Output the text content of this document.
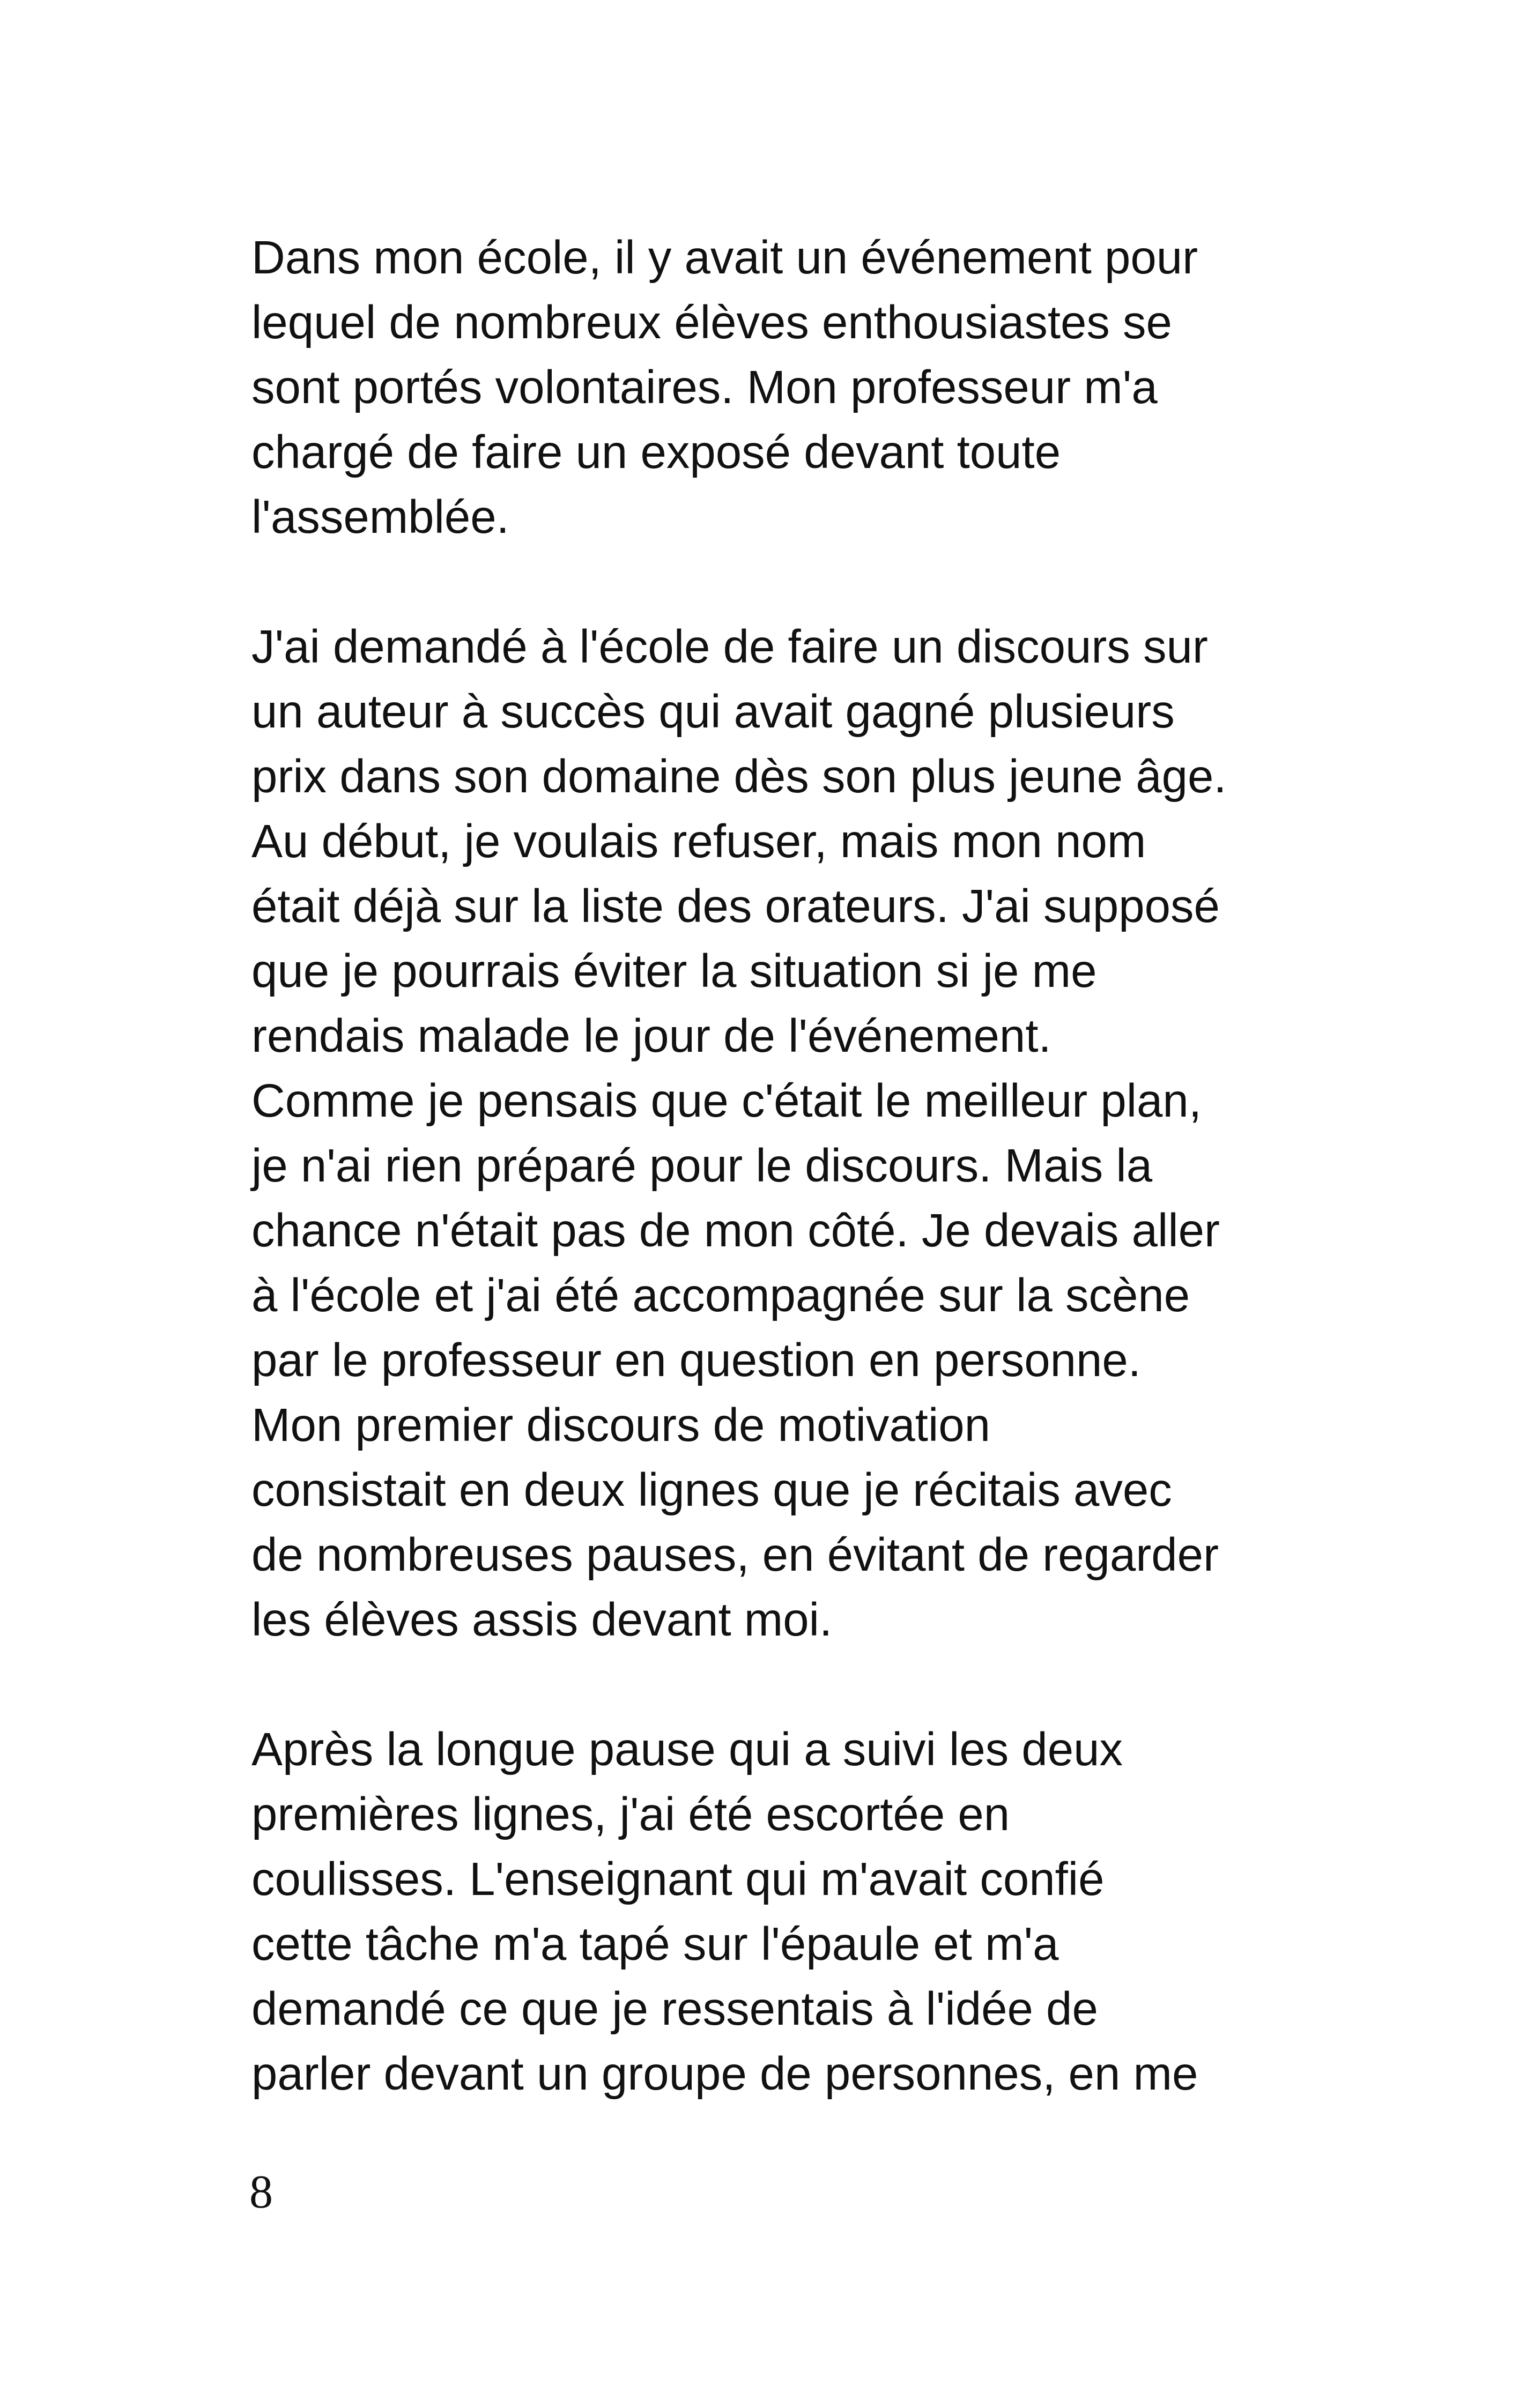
Dans mon école, il y avait un événement pour
lequel de nombreux élèves enthousiastes se
sont portés volontaires. Mon professeur m'a
chargé de faire un exposé devant toute
l'assemblée.
J'ai demandé à l'école de faire un discours sur
un auteur à succès qui avait gagné plusieurs
prix dans son domaine dès son plus jeune âge.
Au début, je voulais refuser, mais mon nom
était déjà sur la liste des orateurs. J'ai supposé
que je pourrais éviter la situation si je me
rendais malade le jour de l'événement.
Comme je pensais que c'était le meilleur plan,
je n'ai rien préparé pour le discours. Mais la
chance n'était pas de mon côté. Je devais aller
à l'école et j'ai été accompagnée sur la scène
par le professeur en question en personne.
Mon premier discours de motivation
consistait en deux lignes que je récitais avec
de nombreuses pauses, en évitant de regarder
les élèves assis devant moi.
Après la longue pause qui a suivi les deux
premières lignes, j'ai été escortée en
coulisses. L'enseignant qui m'avait confié
cette tâche m'a tapé sur l'épaule et m'a
demandé ce que je ressentais à l'idée de
parler devant un groupe de personnes, en me
8
